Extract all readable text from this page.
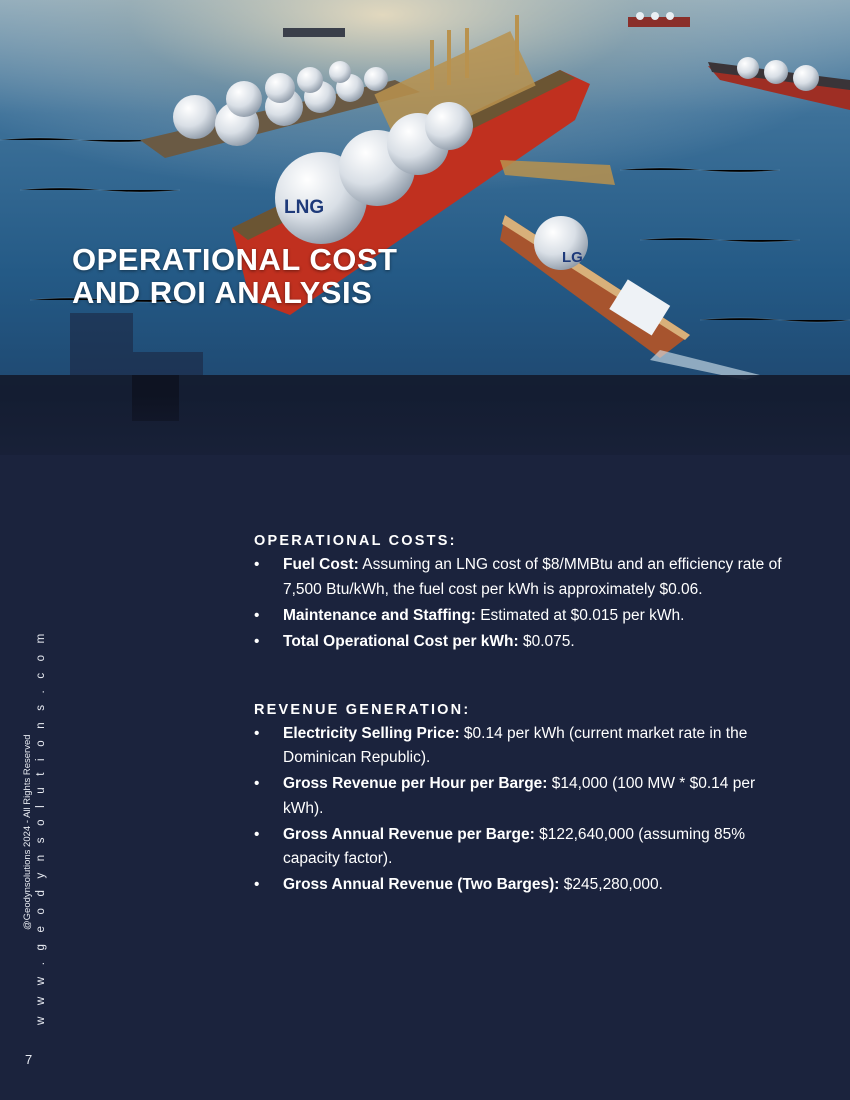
LNG
LG
OPERATIONAL COST
AND ROI ANALYSIS
@Geodynsolutions 2024 - All Rights Reserved w w w . g e o d y n s o l u t i o n s . c o m
7
OPERATIONAL COSTS:
• Fuel Cost: Assuming an LNG cost of $8/MMBtu and an efficiency rate of 7,500 Btu/kWh, the fuel cost per kWh is approximately $0.06.
• Maintenance and Staffing: Estimated at $0.015 per kWh.
• Total Operational Cost per kWh: $0.075.
REVENUE GENERATION:
• Electricity Selling Price: $0.14 per kWh (current market rate in the Dominican Republic).
• Gross Revenue per Hour per Barge: $14,000 (100 MW * $0.14 per kWh).
• Gross Annual Revenue per Barge: $122,640,000 (assuming 85% capacity factor).
• Gross Annual Revenue (Two Barges): $245,280,000.
